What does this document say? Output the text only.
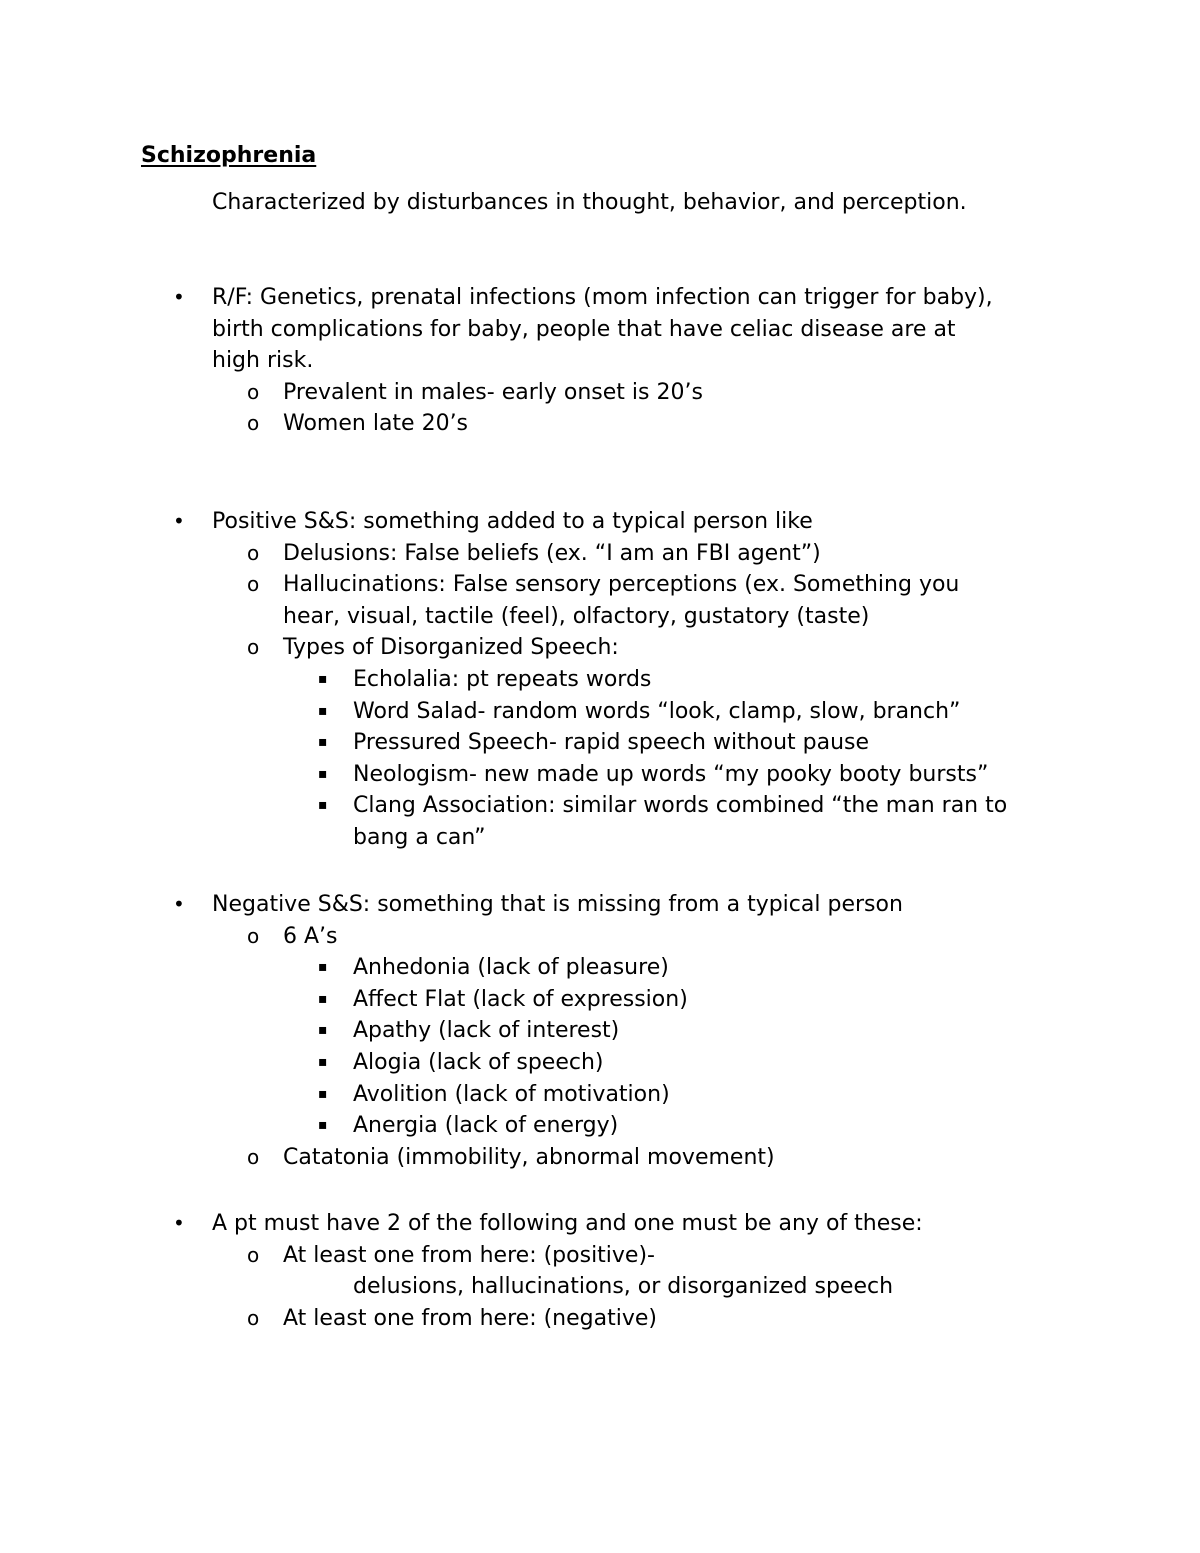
Schizophrenia

Characterized by disturbances in thought, behavior, and perception.

• R/F: Genetics, prenatal infections (mom infection can trigger for baby),
birth complications for baby, people that have celiac disease are at
high risk.
o Prevalent in males- early onset is 20’s
o Women late 20’s
• Positive S&S: something added to a typical person like
o Delusions: False beliefs (ex. “I am an FBI agent”)
o Hallucinations: False sensory perceptions (ex. Something you
hear, visual, tactile (feel), olfactory, gustatory (taste)
o Types of Disorganized Speech:
▪ Echolalia: pt repeats words
▪ Word Salad- random words “look, clamp, slow, branch”
▪ Pressured Speech- rapid speech without pause
▪ Neologism- new made up words “my pooky booty bursts”
▪ Clang Association: similar words combined “the man ran to
bang a can”
• Negative S&S: something that is missing from a typical person
o 6 A’s
▪ Anhedonia (lack of pleasure)
▪ Affect Flat (lack of expression)
▪ Apathy (lack of interest)
▪ Alogia (lack of speech)
▪ Avolition (lack of motivation)
▪ Anergia (lack of energy)
o Catatonia (immobility, abnormal movement)
• A pt must have 2 of the following and one must be any of these:
o At least one from here: (positive)-
delusions, hallucinations, or disorganized speech
o At least one from here: (negative)
